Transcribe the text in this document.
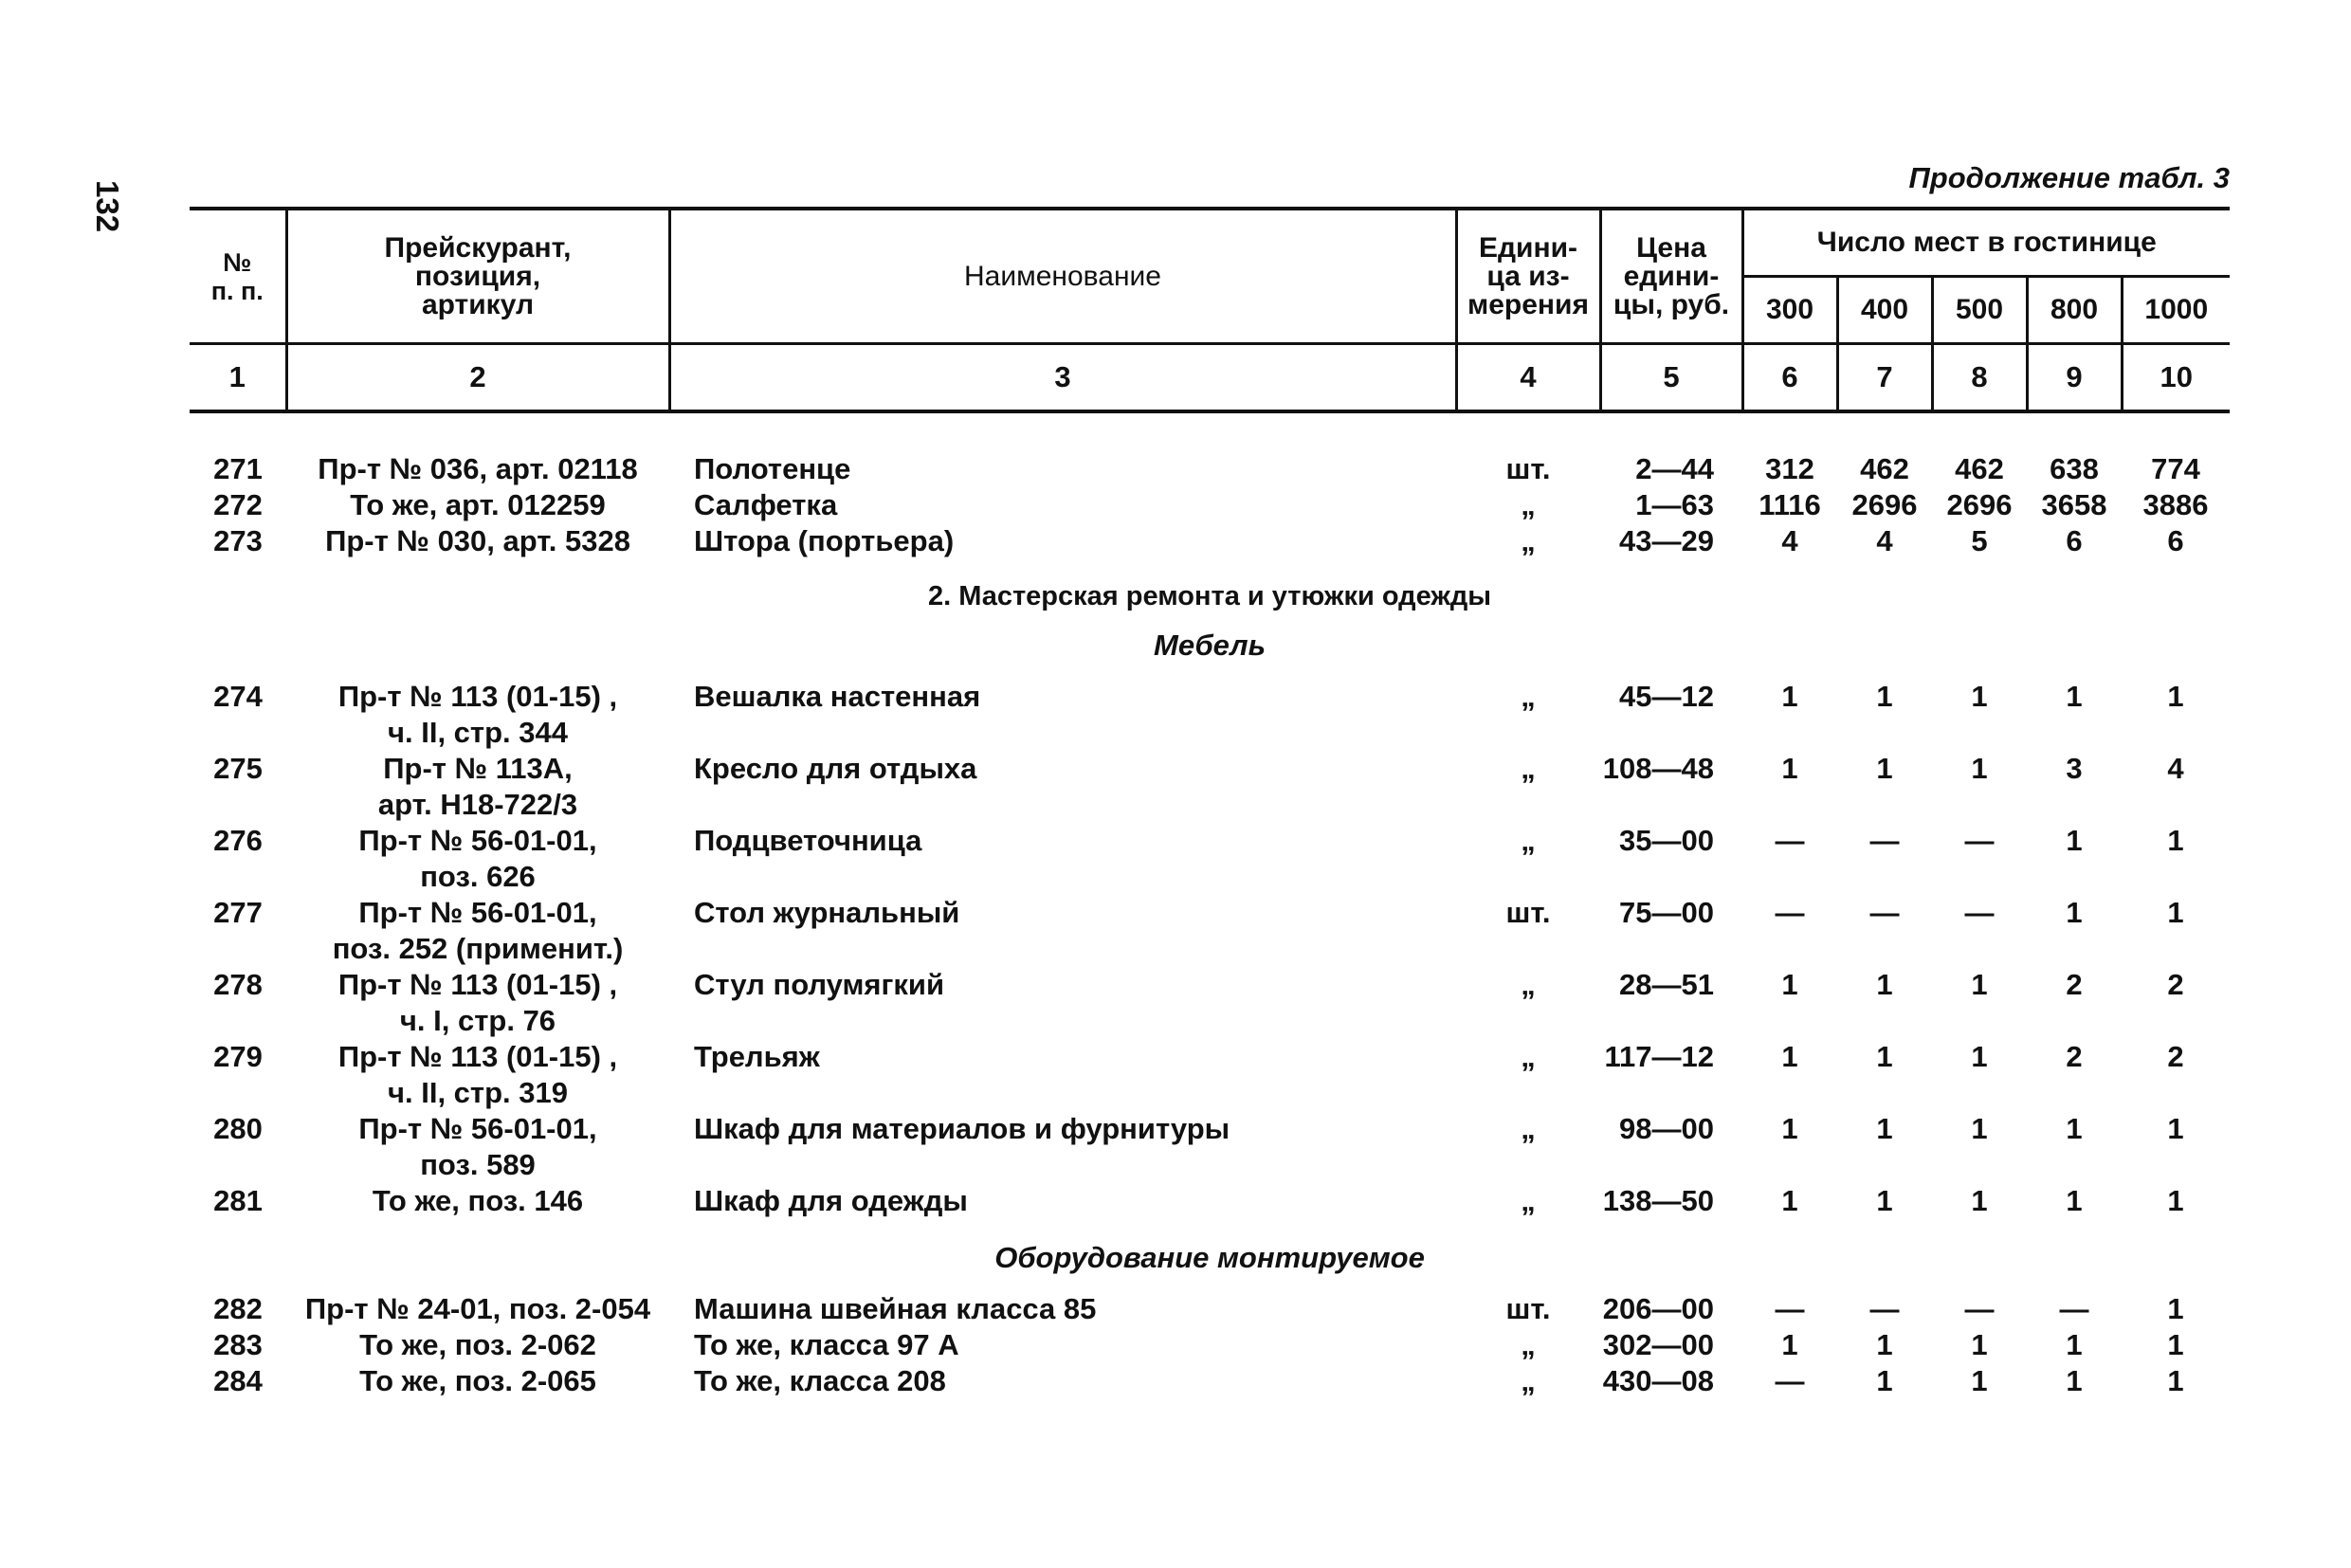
132
Продолжение табл. 3
№
п. п.	Прейскурант,
позиция,
артикул	Наименование	Едини-
ца из-
мерения	Цена
едини-
цы, руб.	Число мест в гостинице				
					300	400	500	800	1000
1	2	3	4	5	6	7	8	9	10

271	Пр-т № 036, арт. 02118	Полотенце	шт.	2—44	312	462	462	638	774
272	То же, арт. 012259	Салфетка	„	1—63	1116	2696	2696	3658	3886
273	Пр-т № 030, арт. 5328	Штора (портьера)	„	43—29	4	4	5	6	6
2. Мастерская ремонта и утюжки одежды									
Мебель									
274	Пр-т № 113 (01-15) ,
ч. II, стр. 344	Вешалка настенная	„	45—12	1	1	1	1	1
275	Пр-т № 113А,
арт. Н18-722/3	Кресло для отдыха	„	108—48	1	1	1	3	4
276	Пр-т № 56-01-01,
поз. 626	Подцветочница	„	35—00	—	—	—	1	1
277	Пр-т № 56-01-01,
поз. 252 (применит.)	Стол журнальный	шт.	75—00	—	—	—	1	1
278	Пр-т № 113 (01-15) ,
ч. I, стр. 76	Стул полумягкий	„	28—51	1	1	1	2	2
279	Пр-т № 113 (01-15) ,
ч. II, стр. 319	Трельяж	„	117—12	1	1	1	2	2
280	Пр-т № 56-01-01,
поз. 589	Шкаф для материалов и фурнитуры	„	98—00	1	1	1	1	1
281	То же, поз. 146	Шкаф для одежды	„	138—50	1	1	1	1	1
Оборудование монтируемое									
282	Пр-т № 24-01, поз. 2-054	Машина швейная класса 85	шт.	206—00	—	—	—	—	1
283	То же, поз. 2-062	То же, класса 97 А	„	302—00	1	1	1	1	1
284	То же, поз. 2-065	То же, класса 208	„	430—08	—	1	1	1	1
